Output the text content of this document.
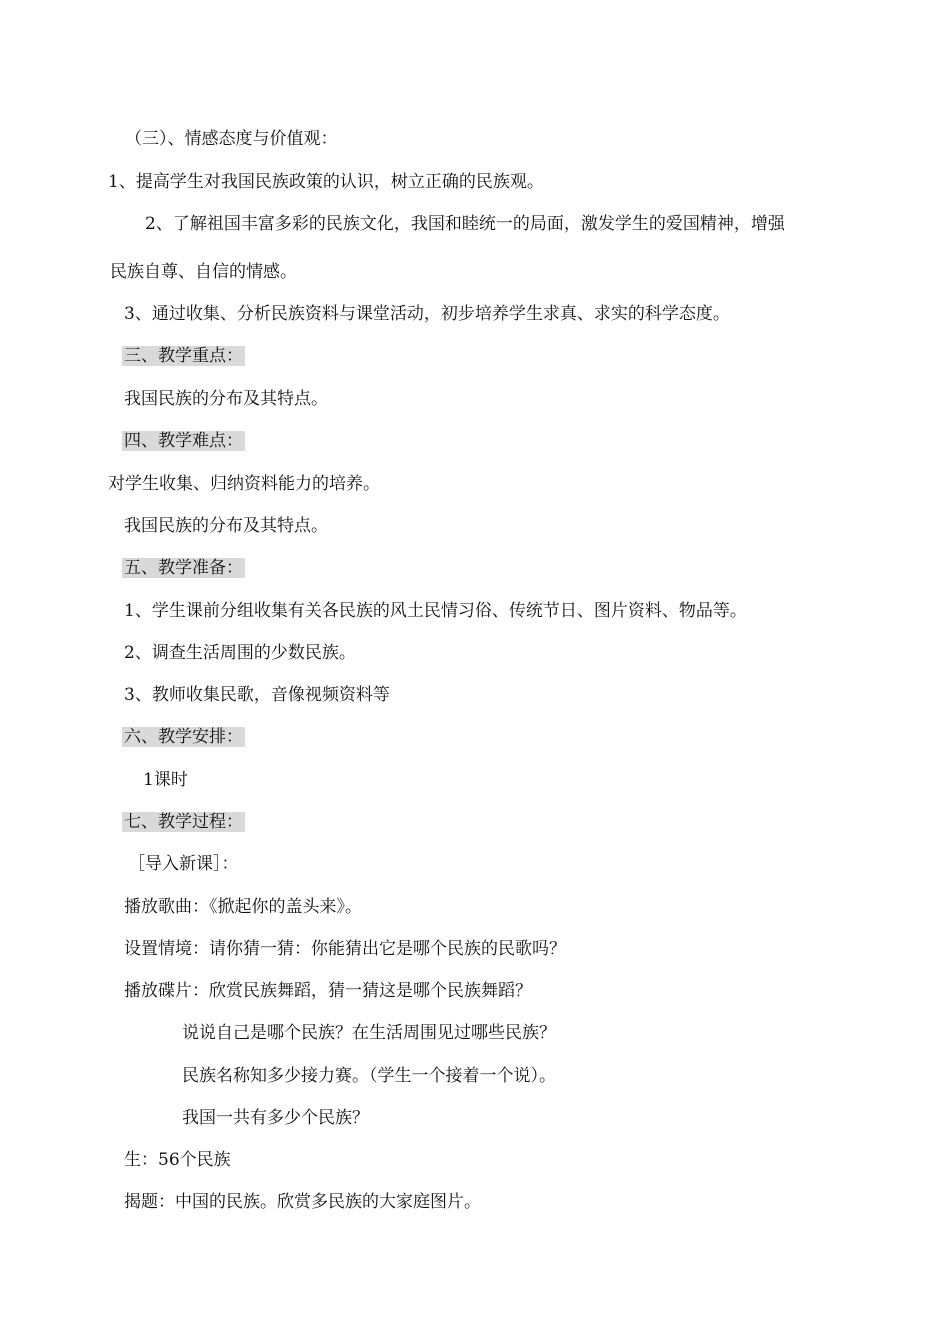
（三）、情感态度与价值观：

1、提高学生对我国民族政策的认识，树立正确的民族观。

2、了解祖国丰富多彩的民族文化，我国和睦统一的局面，激发学生的爱国精神，增强

民族自尊、自信的情感。

3、通过收集、分析民族资料与课堂活动，初步培养学生求真、求实的科学态度。

三、教学重点：

我国民族的分布及其特点。

四、教学难点：

对学生收集、归纳资料能力的培养。

我国民族的分布及其特点。

五、教学准备：

1、学生课前分组收集有关各民族的风土民情习俗、传统节日、图片资料、物品等。

2、调查生活周围的少数民族。

3、教师收集民歌，音像视频资料等

六、教学安排：

1课时

七、教学过程：

［导入新课］：

播放歌曲：《掀起你的盖头来》。

设置情境：请你猜一猜：你能猜出它是哪个民族的民歌吗？

播放碟片：欣赏民族舞蹈，猜一猜这是哪个民族舞蹈？

说说自己是哪个民族？在生活周围见过哪些民族？

民族名称知多少接力赛。（学生一个接着一个说）。

我国一共有多少个民族？

生：56个民族

揭题：中国的民族。欣赏多民族的大家庭图片。
